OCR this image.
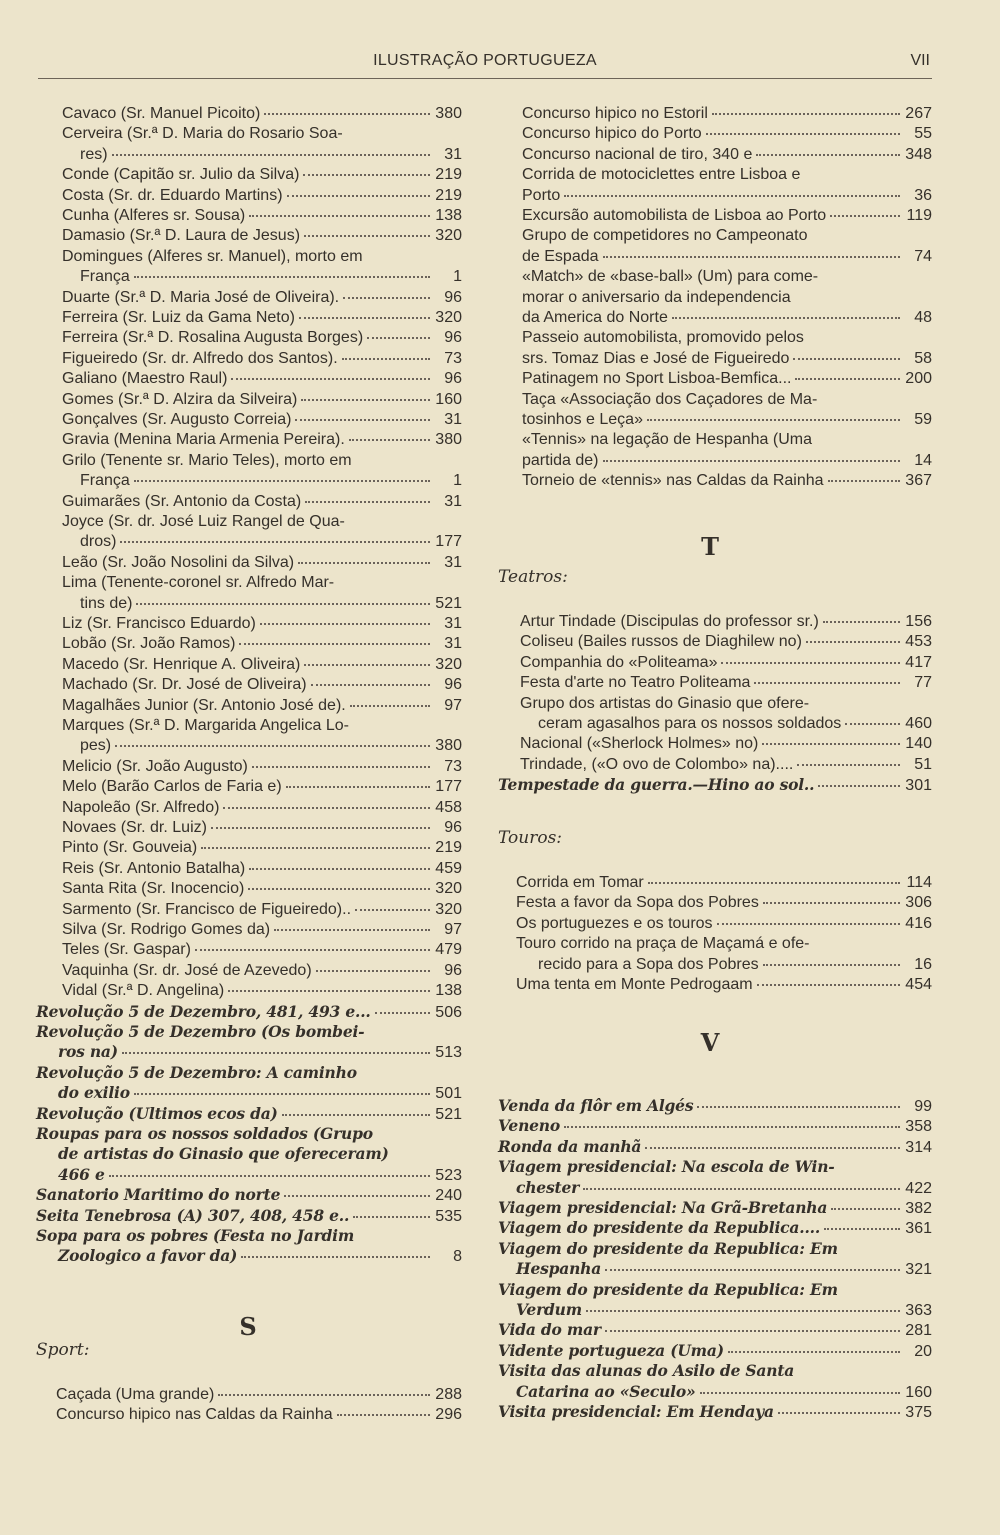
ILUSTRAÇÃO PORTUGUEZA	VII
Cavaco (Sr. Manuel Picoito)	380
Cerveira (Sr.ª D. Maria do Rosario Soa-
res)	31
Conde (Capitão sr. Julio da Silva)	219
Costa (Sr. dr. Eduardo Martins)	219
Cunha (Alferes sr. Sousa)	138
Damasio (Sr.ª D. Laura de Jesus)	320
Domingues (Alferes sr. Manuel), morto em
França	1
Duarte (Sr.ª D. Maria José de Oliveira).	96
Ferreira (Sr. Luiz da Gama Neto)	320
Ferreira (Sr.ª D. Rosalina Augusta Borges)	96
Figueiredo (Sr. dr. Alfredo dos Santos).	73
Galiano (Maestro Raul)	96
Gomes (Sr.ª D. Alzira da Silveira)	160
Gonçalves (Sr. Augusto Correia)	31
Gravia (Menina Maria Armenia Pereira).	380
Grilo (Tenente sr. Mario Teles), morto em
França	1
Guimarães (Sr. Antonio da Costa)	31
Joyce (Sr. dr. José Luiz Rangel de Qua-
dros)	177
Leão (Sr. João Nosolini da Silva)	31
Lima (Tenente-coronel sr. Alfredo Mar-
tins de)	521
Liz (Sr. Francisco Eduardo)	31
Lobão (Sr. João Ramos)	31
Macedo (Sr. Henrique A. Oliveira)	320
Machado (Sr. Dr. José de Oliveira)	96
Magalhães Junior (Sr. Antonio José de).	97
Marques (Sr.ª D. Margarida Angelica Lo-
pes)	380
Melicio (Sr. João Augusto)	73
Melo (Barão Carlos de Faria e)	177
Napoleão (Sr. Alfredo)	458
Novaes (Sr. dr. Luiz)	96
Pinto (Sr. Gouveia)	219
Reis (Sr. Antonio Batalha)	459
Santa Rita (Sr. Inocencio)	320
Sarmento (Sr. Francisco de Figueiredo)..	320
Silva (Sr. Rodrigo Gomes da)	97
Teles (Sr. Gaspar)	479
Vaquinha (Sr. dr. José de Azevedo)	96
Vidal (Sr.ª D. Angelina)	138
Revolução 5 de Dezembro, 481, 493 e...	506
Revolução 5 de Dezembro (Os bombei-
ros na)	513
Revolução 5 de Dezembro: A caminho
do exilio	501
Revolução (Ultimos ecos da)	521
Roupas para os nossos soldados (Grupo
de artistas do Ginasio que ofereceram)
466 e	523
Sanatorio Maritimo do norte	240
Seita Tenebrosa (A) 307, 408, 458 e..	535
Sopa para os pobres (Festa no Jardim
Zoologico a favor da)	8
S
Sport:
Caçada (Uma grande)	288
Concurso hipico nas Caldas da Rainha	296
Concurso hipico no Estoril	267
Concurso hipico do Porto	55
Concurso nacional de tiro, 340 e	348
Corrida de motociclettes entre Lisboa e
Porto	36
Excursão automobilista de Lisboa ao Porto	119
Grupo de competidores no Campeonato
de Espada	74
«Match» de «base-ball» (Um) para come-
morar o aniversario da independencia
da America do Norte	48
Passeio automobilista, promovido pelos
srs. Tomaz Dias e José de Figueiredo	58
Patinagem no Sport Lisboa-Bemfica...	200
Taça «Associação dos Caçadores de Ma-
tosinhos e Leça»	59
«Tennis» na legação de Hespanha (Uma
partida de)	14
Torneio de «tennis» nas Caldas da Rainha	367
T
Teatros:
Artur Tindade (Discipulas do professor sr.)	156
Coliseu (Bailes russos de Diaghilew no)	453
Companhia do «Politeama»	417
Festa d'arte no Teatro Politeama	77
Grupo dos artistas do Ginasio que ofere-
ceram agasalhos para os nossos soldados	460
Nacional («Sherlock Holmes» no)	140
Trindade, («O ovo de Colombo» na)....	51
Tempestade da guerra.—Hino ao sol..	301
Touros:
Corrida em Tomar	114
Festa a favor da Sopa dos Pobres	306
Os portuguezes e os touros	416
Touro corrido na praça de Maçamá e ofe-
recido para a Sopa dos Pobres	16
Uma tenta em Monte Pedrogaam	454
V
Venda da flôr em Algés	99
Veneno	358
Ronda da manhã	314
Viagem presidencial: Na escola de Win-
chester	422
Viagem presidencial: Na Grã-Bretanha	382
Viagem do presidente da Republica....	361
Viagem do presidente da Republica: Em
Hespanha	321
Viagem do presidente da Republica: Em
Verdum	363
Vida do mar	281
Vidente portugueza (Uma)	20
Visita das alunas do Asilo de Santa
Catarina ao «Seculo»	160
Visita presidencial: Em Hendaya	375
